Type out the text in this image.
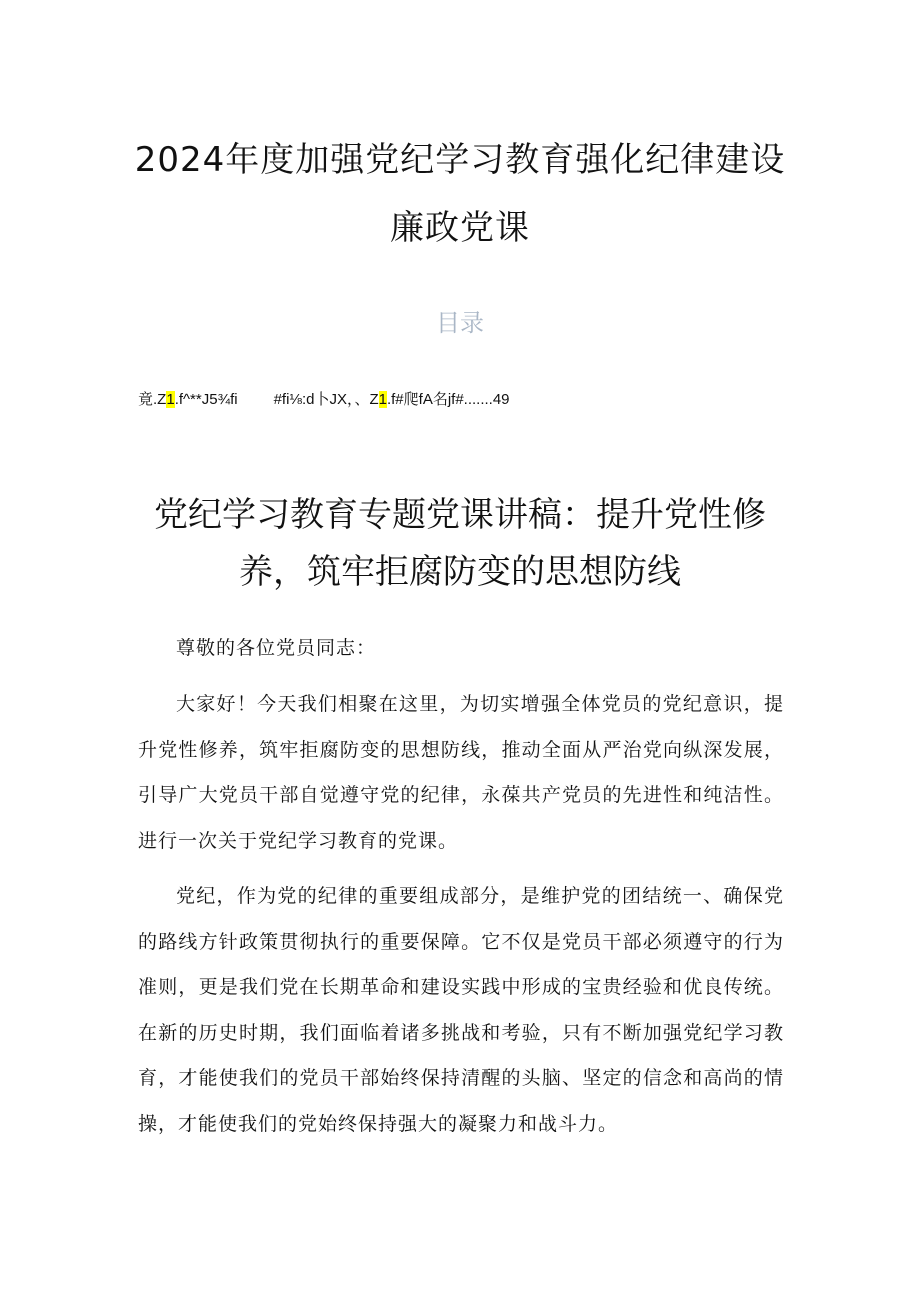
2024年度加强党纪学习教育强化纪律建设
廉政党课
目录
竟.Z1.f^**J5¾fi #fi⅛:d卜JX，、Z1.f#爬fA名jf#.......49
党纪学习教育专题党课讲稿：提升党性修
养，筑牢拒腐防变的思想防线

尊敬的各位党员同志：

大家好！今天我们相聚在这里，为切实增强全体党员的党纪意识，提升党性修养，筑牢拒腐防变的思想防线，推动全面从严治党向纵深发展，引导广大党员干部自觉遵守党的纪律，永葆共产党员的先进性和纯洁性。进行一次关于党纪学习教育的党课。

党纪，作为党的纪律的重要组成部分，是维护党的团结统一、确保党的路线方针政策贯彻执行的重要保障。它不仅是党员干部必须遵守的行为准则，更是我们党在长期革命和建设实践中形成的宝贵经验和优良传统。在新的历史时期，我们面临着诸多挑战和考验，只有不断加强党纪学习教育，才能使我们的党员干部始终保持清醒的头脑、坚定的信念和高尚的情操，才能使我们的党始终保持强大的凝聚力和战斗力。
